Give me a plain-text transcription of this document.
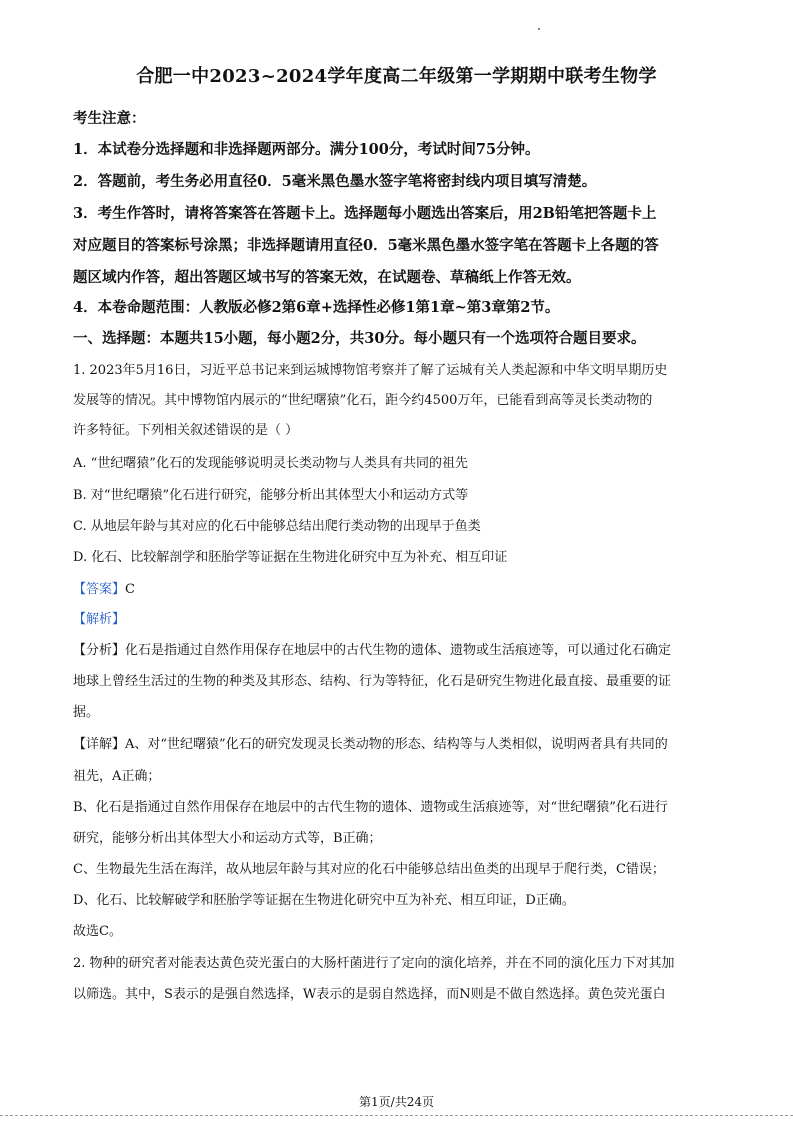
合肥一中2023~2024学年度高二年级第一学期期中联考生物学
考生注意：
1．本试卷分选择题和非选择题两部分。满分100分，考试时间75分钟。
2．答题前，考生务必用直径0．5毫米黑色墨水签字笔将密封线内项目填写清楚。
3．考生作答时，请将答案答在答题卡上。选择题每小题选出答案后，用2B铅笔把答题卡上
对应题目的答案标号涂黑；非选择题请用直径0．5毫米黑色墨水签字笔在答题卡上各题的答
题区域内作答，超出答题区域书写的答案无效，在试题卷、草稿纸上作答无效。
4．本卷命题范围：人教版必修2第6章+选择性必修1第1章~第3章第2节。
一、选择题：本题共15小题，每小题2分，共30分。每小题只有一个选项符合题目要求。
1. 2023年5月16日，习近平总书记来到运城博物馆考察并了解了运城有关人类起源和中华文明早期历史
发展等的情况。其中博物馆内展示的“世纪曙猿”化石，距今约4500万年，已能看到高等灵长类动物的
许多特征。下列相关叙述错误的是（ ）
A. “世纪曙猿”化石的发现能够说明灵长类动物与人类具有共同的祖先
B. 对“世纪曙猿”化石进行研究，能够分析出其体型大小和运动方式等
C. 从地层年龄与其对应的化石中能够总结出爬行类动物的出现早于鱼类
D. 化石、比较解剖学和胚胎学等证据在生物进化研究中互为补充、相互印证
【答案】C
【解析】
【分析】化石是指通过自然作用保存在地层中的古代生物的遗体、遗物或生活痕迹等，可以通过化石确定
地球上曾经生活过的生物的种类及其形态、结构、行为等特征，化石是研究生物进化最直接、最重要的证
据。
【详解】A、对“世纪曙猿”化石的研究发现灵长类动物的形态、结构等与人类相似，说明两者具有共同的
祖先，A正确；
B、化石是指通过自然作用保存在地层中的古代生物的遗体、遗物或生活痕迹等，对“世纪曙猿”化石进行
研究，能够分析出其体型大小和运动方式等，B正确；
C、生物最先生活在海洋，故从地层年龄与其对应的化石中能够总结出鱼类的出现早于爬行类，C错误；
D、化石、比较解破学和胚胎学等证据在生物进化研究中互为补充、相互印证，D正确。
故选C。
2. 物种的研究者对能表达黄色荧光蛋白的大肠杆菌进行了定向的演化培养，并在不同的演化压力下对其加
以筛选。其中，S表示的是强自然选择，W表示的是弱自然选择，而N则是不做自然选择。黄色荧光蛋白
第1页/共24页
